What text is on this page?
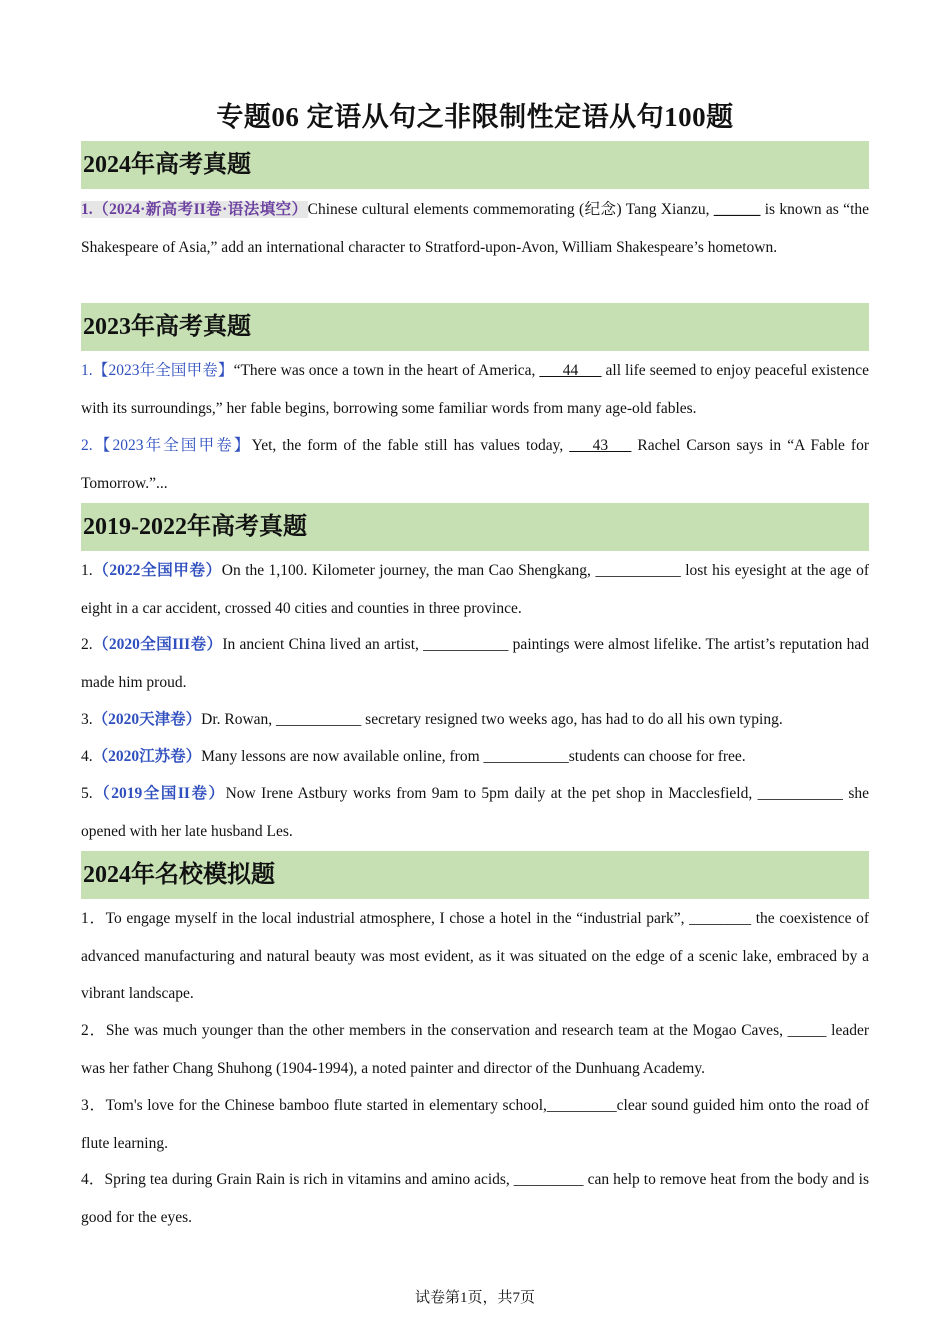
专题06 定语从句之非限制性定语从句100题
2024年高考真题
1.（2024·新高考II卷·语法填空）Chinese cultural elements commemorating (纪念) Tang Xianzu, ______ is known as “the Shakespeare of Asia,” add an international character to Stratford-upon-Avon, William Shakespeare’s hometown.
2023年高考真题
1.【2023年全国甲卷】“There was once a town in the heart of America, ___44___ all life seemed to enjoy peaceful existence with its surroundings,” her fable begins, borrowing some familiar words from many age-old fables.
2.【2023年全国甲卷】Yet, the form of the fable still has values today, ___43___ Rachel Carson says in “A Fable for Tomorrow.”...
2019-2022年高考真题
1.（2022全国甲卷）On the 1,100. Kilometer journey, the man Cao Shengkang, ___________ lost his eyesight at the age of eight in a car accident, crossed 40 cities and counties in three province.
2.（2020全国III卷）In ancient China lived an artist, ___________ paintings were almost lifelike. The artist’s reputation had made him proud.
3.（2020天津卷）Dr. Rowan, ___________ secretary resigned two weeks ago, has had to do all his own typing.
4.（2020江苏卷）Many lessons are now available online, from ___________students can choose for free.
5.（2019全国II卷）Now Irene Astbury works from 9am to 5pm daily at the pet shop in Macclesfield, ___________ she opened with her late husband Les.
2024年名校模拟题
1．To engage myself in the local industrial atmosphere, I chose a hotel in the “industrial park”, ________ the coexistence of advanced manufacturing and natural beauty was most evident, as it was situated on the edge of a scenic lake, embraced by a vibrant landscape.
2．She was much younger than the other members in the conservation and research team at the Mogao Caves, _____ leader was her father Chang Shuhong (1904-1994), a noted painter and director of the Dunhuang Academy.
3．Tom's love for the Chinese bamboo flute started in elementary school,_________clear sound guided him onto the road of flute learning.
4．Spring tea during Grain Rain is rich in vitamins and amino acids, _________ can help to remove heat from the body and is good for the eyes.
试卷第1页，共7页
